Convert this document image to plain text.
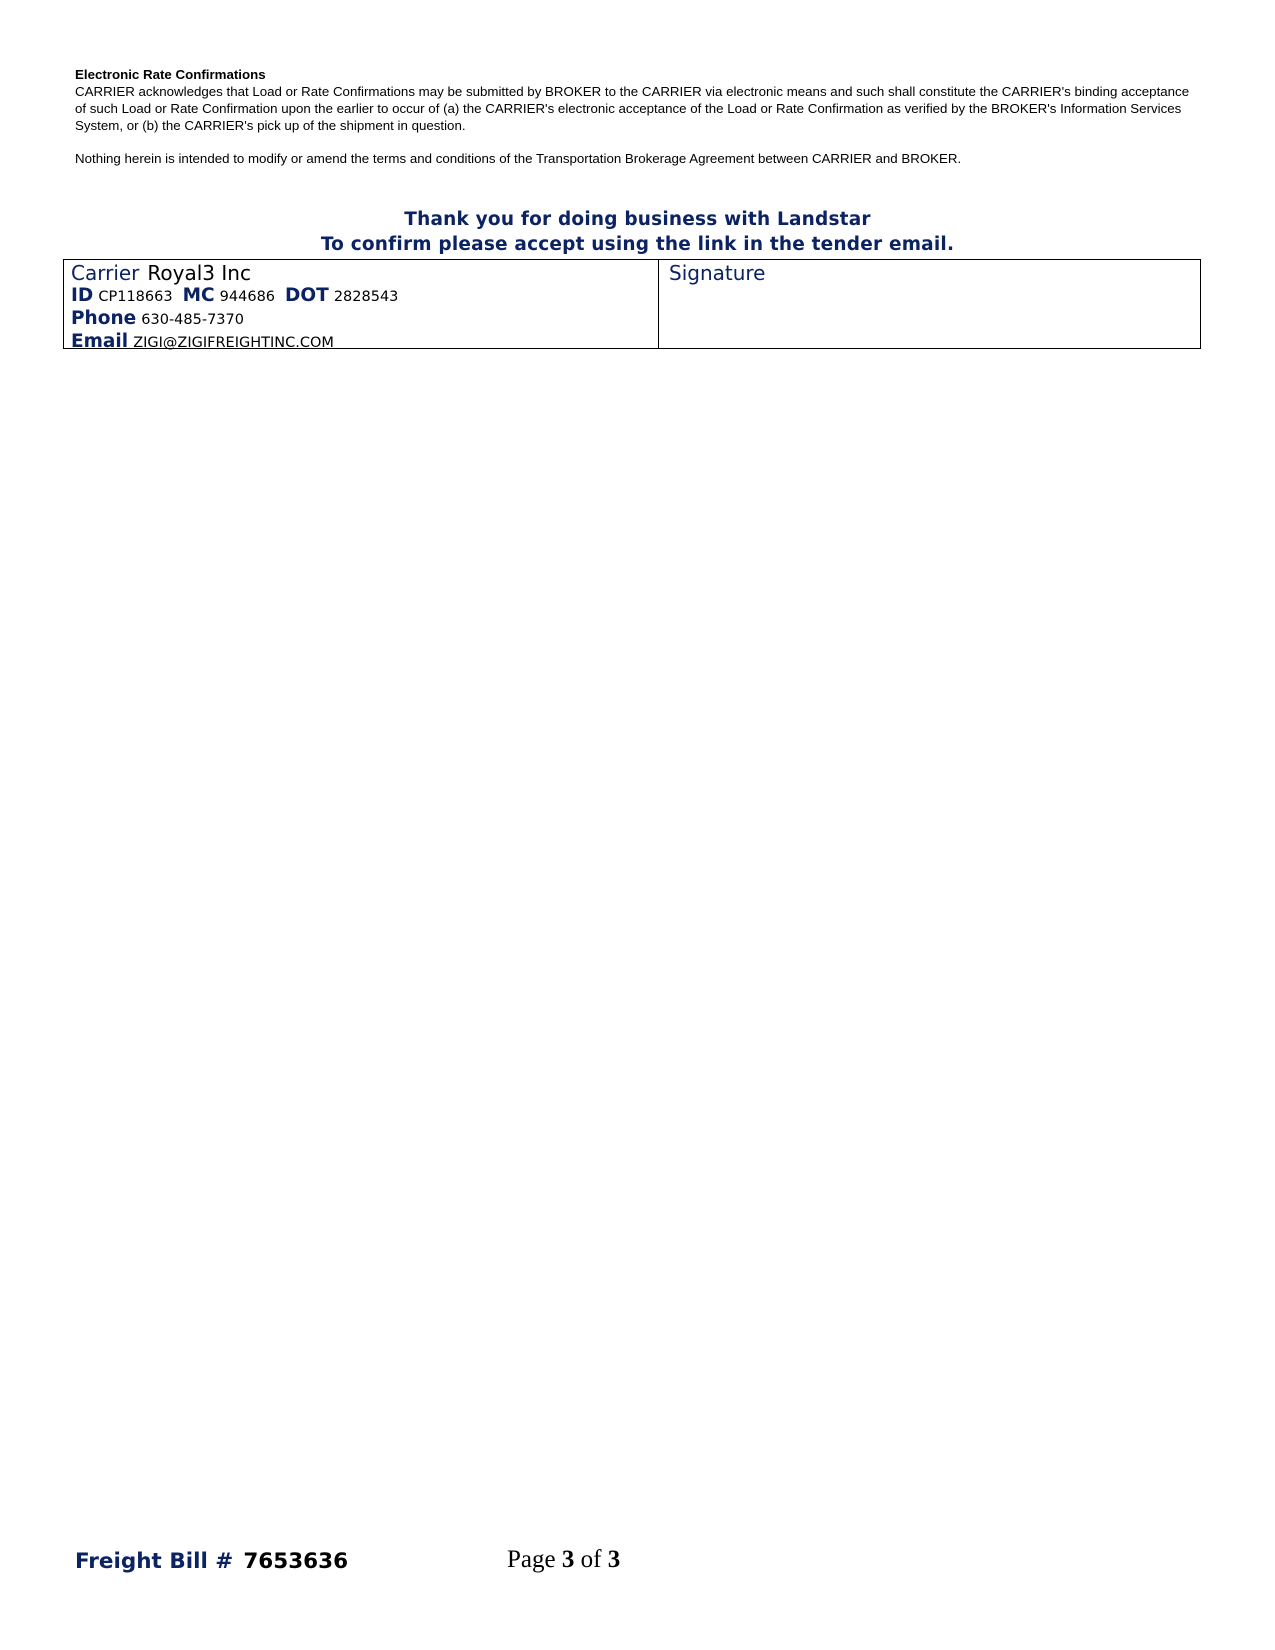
Electronic Rate Confirmations

CARRIER acknowledges that Load or Rate Confirmations may be submitted by BROKER to the CARRIER via electronic means and such shall constitute the CARRIER's binding acceptance of such Load or Rate Confirmation upon the earlier to occur of (a) the CARRIER's electronic acceptance of the Load or Rate Confirmation as verified by the BROKER's Information Services System, or (b) the CARRIER's pick up of the shipment in question.

Nothing herein is intended to modify or amend the terms and conditions of the Transportation Brokerage Agreement between CARRIER and BROKER.

Thank you for doing business with Landstar
To confirm please accept using the link in the tender email.
Carrier Royal3 Inc
ID CP118663 MC 944686 DOT 2828543
Phone 630-485-7370
Email ZIGI@ZIGIFREIGHTINC.COM
Signature
Freight Bill # 7653636	Page 3 of 3
